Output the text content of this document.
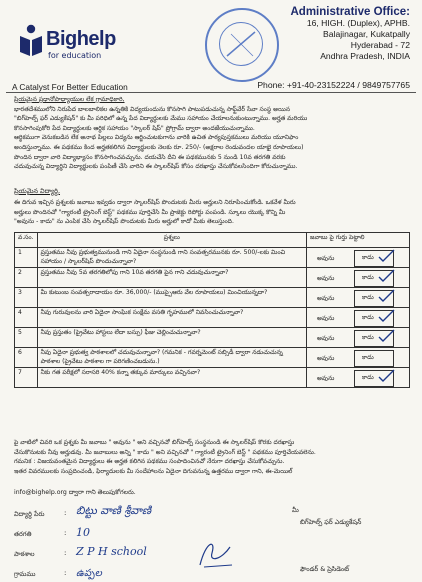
Bighelp
for education
A Catalyst For Better Education
Administrative Office:
16, HIGH. (Duplex), APHB.
Balajinagar, Kukatpally
Hyderabad - 72
Andhra Pradesh, INDIA
Phone: +91-40-23152224 / 9849757765

ప్రియమైన ప్రధానోపాధ్యాయుల లేక గ్రామాధికారి,

భారతదేశములోని నిరుపేద బాలబాలికల ఉన్నతికి విద్యయందును కొనసాగి పాటుపడుచున్న సాఫ్ట్‌వేర్ సేవా సంస్థ అయిన

"బిగ్‌హెల్ప్ ఫర్ ఎడ్యుకేషన్" కు మీ పరిధిలో ఉన్న పేద విద్యార్థులకు మేము సహాయం చేయాలనుకుంటున్నాము. అర్హత మరియు

కొనసాగింపుకోరి పేద విద్యార్థులకు ఆర్థిక సహాయం "స్కాలర్ షిప్" ప్రోగ్రామ్ ద్వారా అందజేయుచున్నాము.

ఆర్థికముగా వెనుకబడిన లేక అనాథ పిల్లలు విద్యను ఆర్జించుటకుగాను వారికి ఉచిత పాఠ్యపుస్తకములు మరియు యూనిఫాం

అందిస్తున్నాము. ఈ పథకము కింద అర్హతకలిగిన విద్యార్థులకు నెలకు రూ. 250/- (అక్షరాల రెండువందల యాభై రూపాయలు)

పొందిన ద్వారా వారి విద్యాభ్యాసం కొనసాగించవచ్చును. దయచేసి దీని ఈ పథకమునకు 5 నుండి 10వ తరగతి వరకు

చదువుచున్న విద్యార్థిని విద్యార్థులకు పంపిణీ చేసి వారిని ఈ స్కాలర్‌షిప్ కోసం దరఖాస్తు చేసుకోవలసిందిగా కోరుచున్నాము.

ప్రియమైన విద్యార్థి,

ఈ దిగువ ఇచ్చిన ప్రశ్నలకు జవాబు ఇవ్వడం ద్వారా స్కాలర్‌షిప్ పొందుటకు మీరు అర్హులని నిరూపించుకోండి. ఒకవేళ మీరు

అర్హులు పొందినచో "గ్యారంటీ ట్రైనింగ్ బెస్ట్" పథకము పూర్తిచేసి మీ ప్రాజెక్టు రిపోర్టు పంపండి. స్కూలు యొక్క కొన్ని మీ

"అవును - కాదు" ను ఎంపిక చేసి స్కాలర్‌షిప్ పొందుటకు మీరు అర్హులో కాదో మీకు తెలుస్తుంది.

వ.సం.	ప్రశ్నలు	జవాబు పై గుర్తు పెట్టాలి
1	ప్రస్తుతము నీవు ప్రభుత్వమునుండి గాని ఏదైనా సంస్థనుండి గాని సంవత్సరమునకు రూ. 500/-లకు మించి సహాయం / స్కాలర్‌షిప్ పొందుచున్నావా?	అవును కాదు

2	ప్రస్తుతము నీవు 5వ తరగతిలోపు గాని 10వ తరగతి పైన గాని చదువుచున్నావా?	అవును కాదు

3	మీ కుటుంబ సంవత్సరాదాయం రూ. 36,000/- (ముప్పైఆరు వేల రూపాయలు) మించియున్నదా?	అవును కాదు

4	నీవు గురువులను వారి ఏదైనా సాంఘిక సంక్షేమ వసతి గృహములో నివసించుచున్నావా?	అవును కాదు

5	నీవు ప్రస్తుతం (ప్రైవేటు హాస్టలు లేదా బస్సు) ఫీజు చెల్లించుచున్నావా?	అవును కాదు

6	నీవు ఏదైనా ప్రభుత్వ పాఠశాలలో చదువుచున్నావా? (గమనిక - గవర్నమెంట్ సబ్సిడీ ద్వారా నడుచుచున్న పాఠశాల (ప్రైవేటు పాఠశాల గా పరిగణించబడును.)	అవును కాదు

7	నీకు గత పరీక్షలో సరాసరి 40% కన్నా తక్కువ మార్కులు వచ్చినవా?	అవును కాదు

పై వాటిలో చివరి ఒక ప్రశ్నకు మీ జవాబు " అవును " అని వచ్చినచో బిగ్‌హెల్ప్ సంస్థనుండి ఈ స్కాలర్‌షిప్ కొరకు దరఖాస్తు

చేసుకొనుటకు నీవు అర్హుడవు. మీ జవాబులు అన్ని " కాదు " అని వచ్చినచో " గ్యారంటీ ట్రైనింగ్ బెస్ట్ " పథకము పూర్తిచేయవలెను.

గమనిక : విజయవంతమైన విద్యార్థులు ఈ అర్హత కలిగిన పథకము సంపాదించినచో నేరుగా దరఖాస్తు చేసుకోవచ్చును.

ఇతర వివరములకు సంప్రదించండి, ఫిర్యాదులకు మీ సందేహాలను ఏదైనా దిగువనున్న ఉత్తరము ద్వారా గాని, ఈ-మెయిల్

info@bighelp.org ద్వారా గాని తెలుపుకోగలరు.
మీ
బిగ్‌హెల్ప్ ఫర్ ఎడ్యుకేషన్
విద్యార్థి పేరు	: బిట్టు వాణి శ్రీవాణి
తరగతి	: 10
పాఠశాల	: Z P H school
గ్రామము	: ఉప్పల	ఫౌండర్ & ప్రెసిడెంట్
